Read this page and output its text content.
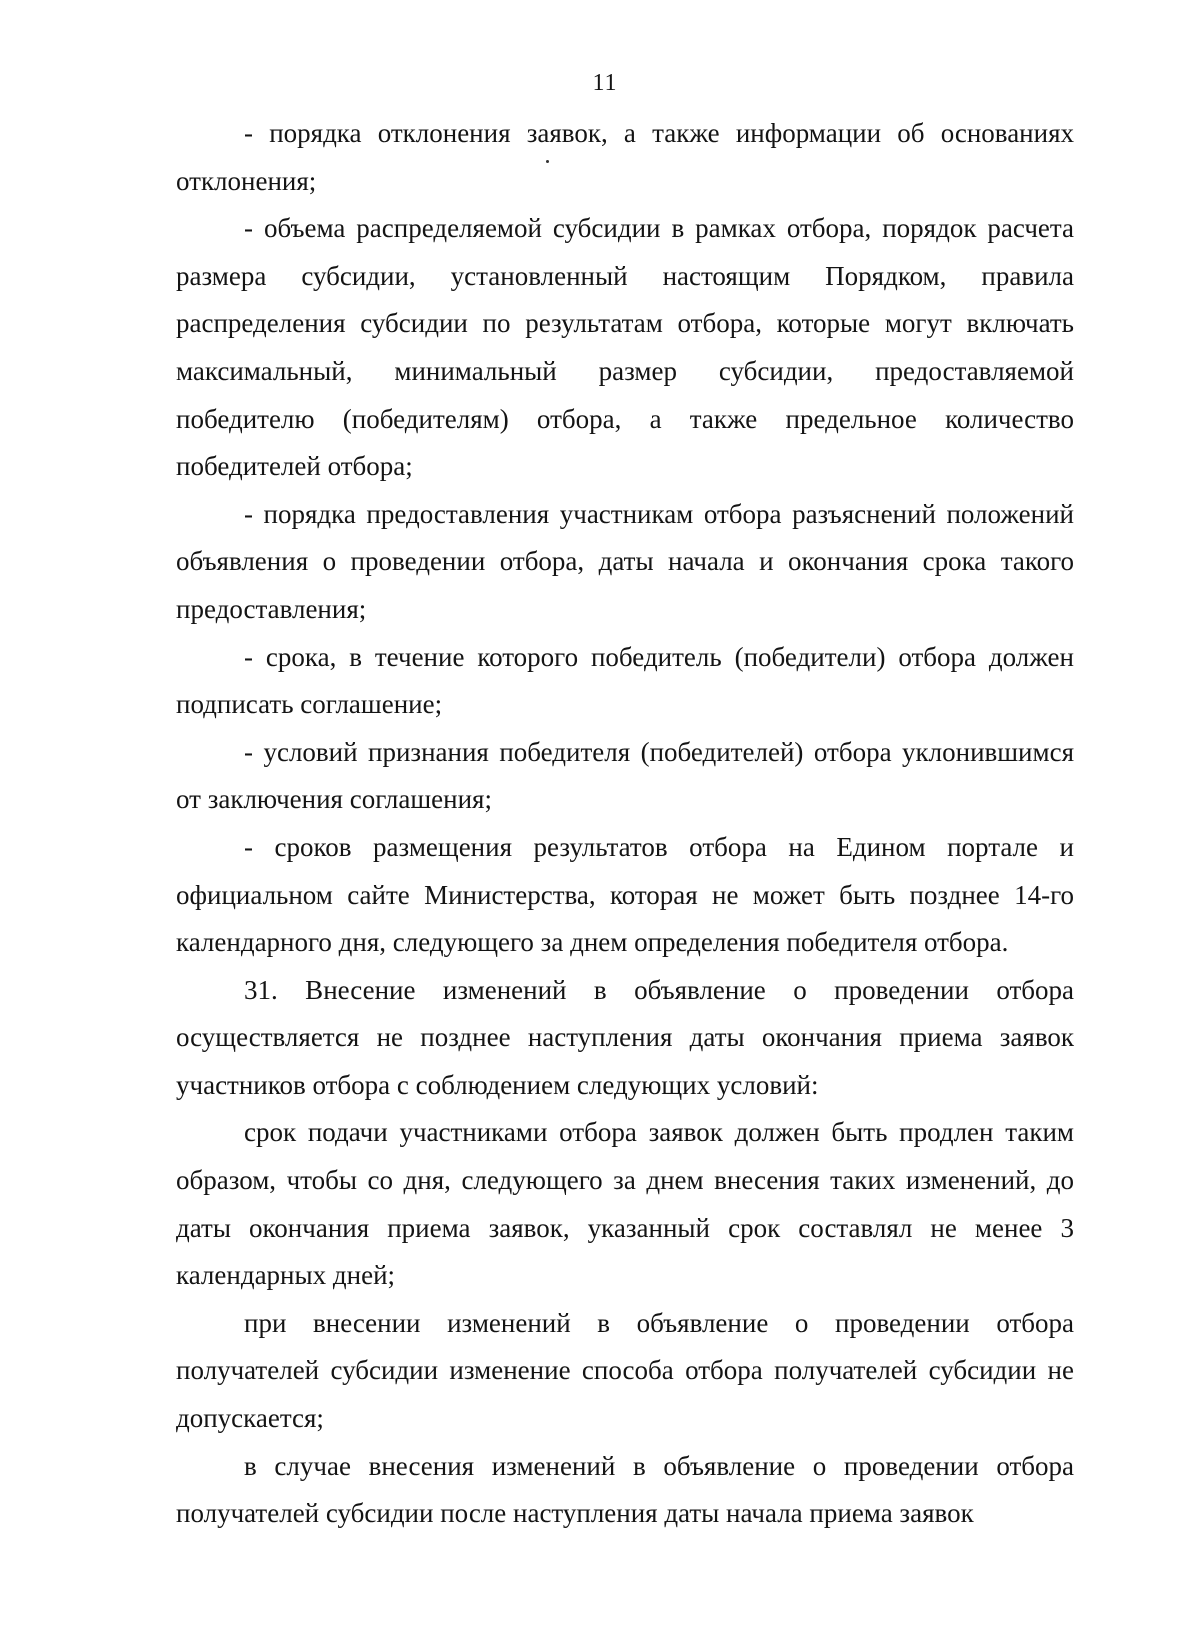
11

- порядка отклонения заявок, а также информации об основаниях отклонения;

- объема распределяемой субсидии в рамках отбора, порядок расчета размера субсидии, установленный настоящим Порядком, правила распределения субсидии по результатам отбора, которые могут включать максимальный, минимальный размер субсидии, предоставляемой победителю (победителям) отбора, а также предельное количество победителей отбора;

- порядка предоставления участникам отбора разъяснений положений объявления о проведении отбора, даты начала и окончания срока такого предоставления;

- срока, в течение которого победитель (победители) отбора должен подписать соглашение;

- условий признания победителя (победителей) отбора уклонившимся от заключения соглашения;

- сроков размещения результатов отбора на Едином портале и официальном сайте Министерства, которая не может быть позднее 14-го календарного дня, следующего за днем определения победителя отбора.

31. Внесение изменений в объявление о проведении отбора осуществляется не позднее наступления даты окончания приема заявок участников отбора с соблюдением следующих условий:

срок подачи участниками отбора заявок должен быть продлен таким образом, чтобы со дня, следующего за днем внесения таких изменений, до даты окончания приема заявок, указанный срок составлял не менее 3 календарных дней;

при внесении изменений в объявление о проведении отбора получателей субсидии изменение способа отбора получателей субсидии не допускается;

в случае внесения изменений в объявление о проведении отбора получателей субсидии после наступления даты начала приема заявок
